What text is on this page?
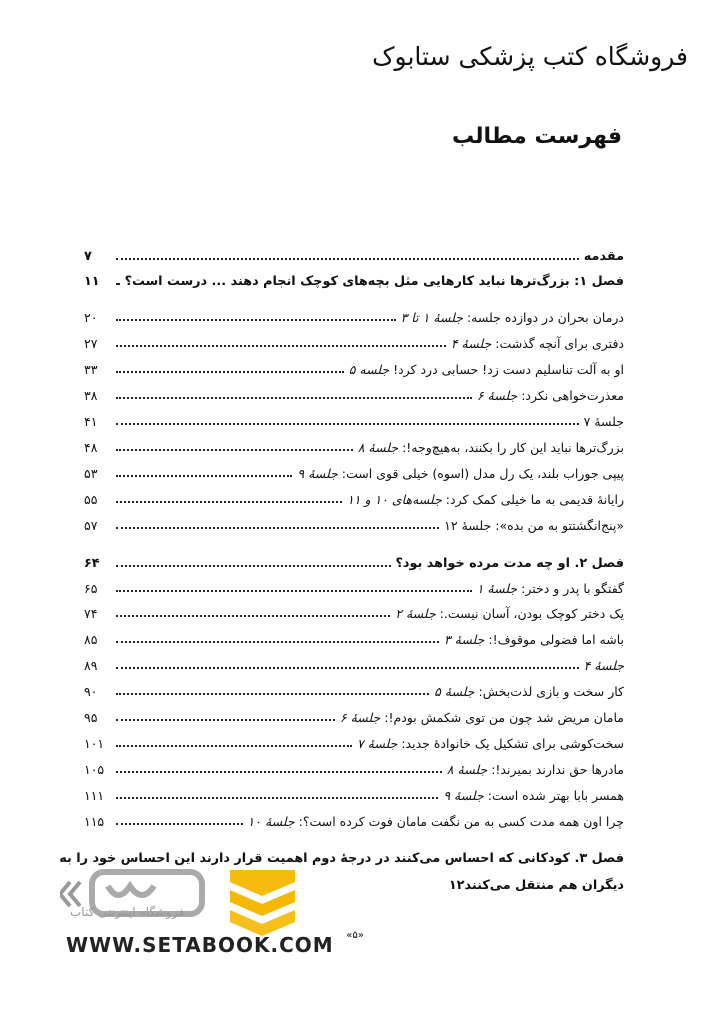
فروشگاه کتب پزشکی ستابوک
فهرست مطالب
مقدمه
۷
فصل ۱: بزرگ‌ترها نباید کارهایی مثل بچه‌های کوچک انجام دهند ... درست است؟
۱۱
درمان بحران در دوازده جلسه: جلسهٔ ۱ تا ۳
۲۰
دفتری برای آنچه گذشت: جلسهٔ ۴
۲۷
او به آلت تناسلیم دست زد! حسابی درد کرد! جلسه ۵
۳۳
معذرت‌خواهی نکرد: جلسهٔ ۶
۳۸
جلسهٔ ۷
۴۱
بزرگ‌ترها نباید این کار را بکنند، به‌هیچ‌وجه!: جلسهٔ ۸
۴۸
پیپی جوراب بلند، یک رل مدل (اسوه) خیلی قوی است: جلسهٔ ۹
۵۳
رایانهٔ قدیمی به ما خیلی کمک کرد: جلسه‌های ۱۰ و ۱۱
۵۵
«پنج‌انگشتتو به من بده»: جلسهٔ ۱۲
۵۷
فصل ۲. او چه مدت مرده خواهد بود؟
۶۴
گفتگو با پدر و دختر: جلسهٔ ۱
۶۵
یک دختر کوچک بودن، آسان نیست.: جلسهٔ ۲
۷۴
باشه اما فضولی موقوف!: جلسهٔ ۳
۸۵
جلسهٔ ۴
۸۹
کار سخت و بازی لذت‌بخش: جلسهٔ ۵
۹۰
مامان مریض شد چون من توی شکمش بودم!: جلسهٔ ۶
۹۵
سخت‌کوشی برای تشکیل یک خانوادهٔ جدید: جلسهٔ ۷
۱۰۱
مادرها حق ندارند بمیرند!: جلسهٔ ۸
۱۰۵
همسر بابا بهتر شده است: جلسهٔ ۹
۱۱۱
چرا اون همه مدت کسی به من نگفت مامان فوت کرده است؟: جلسهٔ ۱۰
۱۱۵
فصل ۳. کودکانی که احساس می‌کنند در درجهٔ دوم اهمیت قرار دارند این احساس خود را به
دیگران هم منتقل می‌کنند
۱۲
فروشگاه اینترنتی کتاب
WWW.SETABOOK.COM	«۵»
